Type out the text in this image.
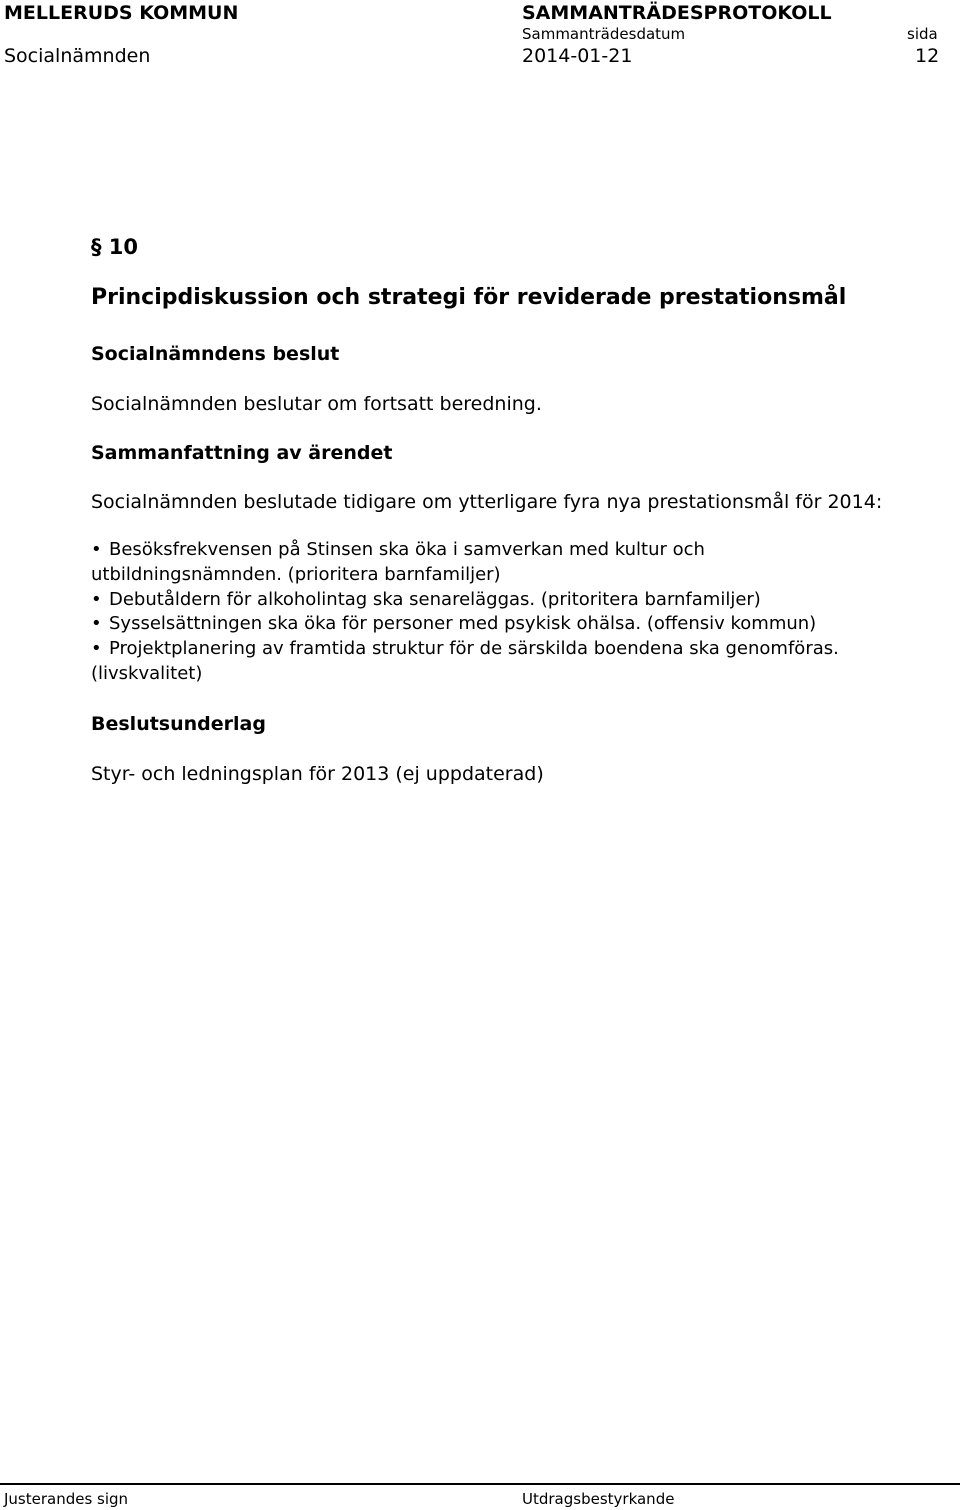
MELLERUDS KOMMUN	SAMMANTRÄDESPROTOKOLL
Sammanträdesdatum	sida
Socialnämnden	2014-01-21	12
§ 10
Principdiskussion och strategi för reviderade prestationsmål
Socialnämndens beslut
Socialnämnden beslutar om fortsatt beredning.
Sammanfattning av ärendet
Socialnämnden beslutade tidigare om ytterligare fyra nya prestationsmål för 2014:
• Besöksfrekvensen på Stinsen ska öka i samverkan med kultur och
utbildningsnämnden. (prioritera barnfamiljer)
• Debutåldern för alkoholintag ska senareläggas. (pritoritera barnfamiljer)
• Sysselsättningen ska öka för personer med psykisk ohälsa. (offensiv kommun)
• Projektplanering av framtida struktur för de särskilda boendena ska genomföras.
(livskvalitet)
Beslutsunderlag
Styr- och ledningsplan för 2013 (ej uppdaterad)
Justerandes sign	Utdragsbestyrkande
